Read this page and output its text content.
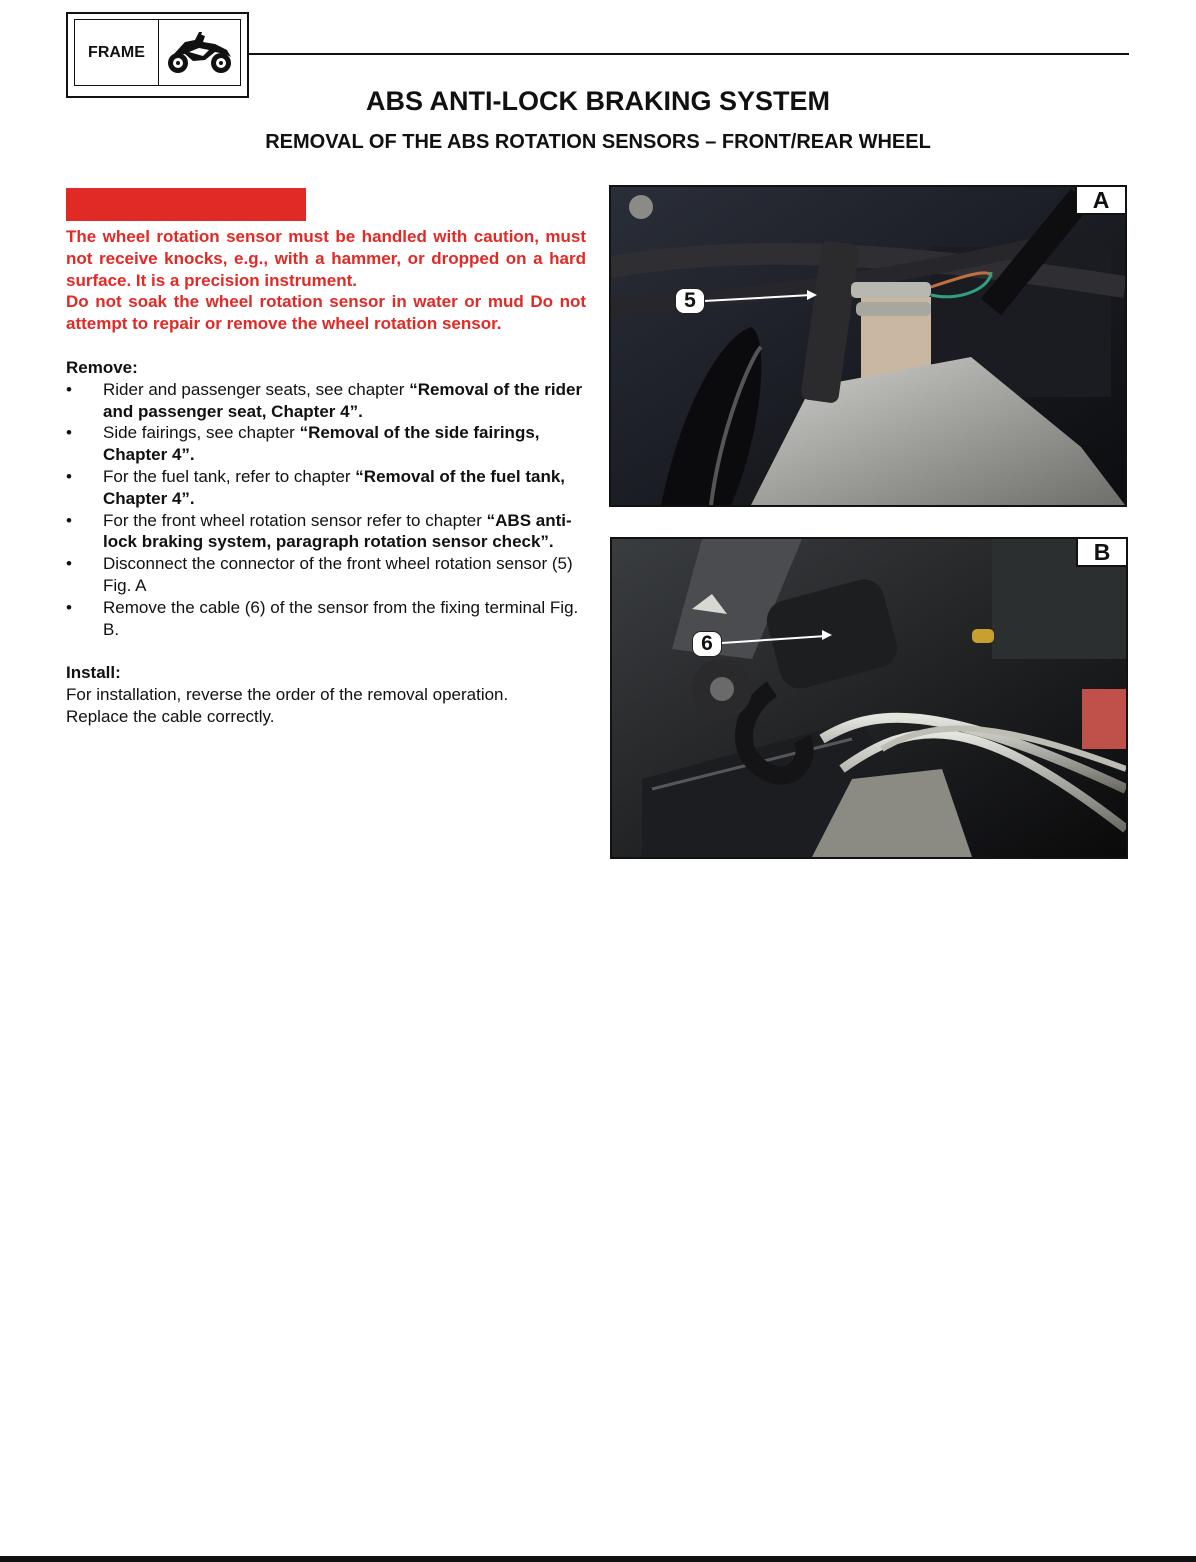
FRAME
ABS ANTI-LOCK BRAKING SYSTEM
REMOVAL OF THE ABS ROTATION SENSORS – FRONT/REAR WHEEL

The wheel rotation sensor must be handled with caution, must not receive knocks, e.g., with a hammer, or dropped on a hard surface. It is a precision instrument.

Do not soak the wheel rotation sensor in water or mud Do not attempt to repair or remove the wheel rotation sensor.

Remove:

• Rider and passenger seats, see chapter “Removal of the rider and passenger seat, Chapter 4”.
• Side fairings, see chapter “Removal of the side fairings, Chapter 4”.
• For the fuel tank, refer to chapter “Removal of the fuel tank, Chapter 4”.
• For the front wheel rotation sensor refer to chapter “ABS anti-lock braking system, paragraph rotation sensor check”.
• Disconnect the connector of the front wheel rotation sensor (5) Fig. A
• Remove the cable (6) of the sensor from the fixing terminal Fig. B.

Install:

For installation, reverse the order of the removal operation.

Replace the cable correctly.

5
A
6
B
